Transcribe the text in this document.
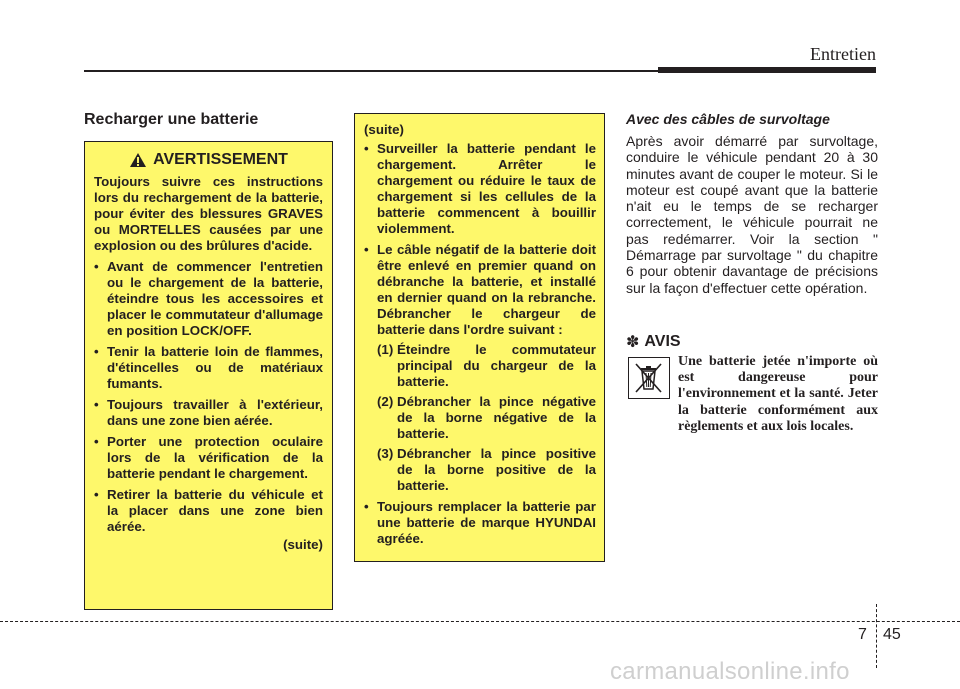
Entretien
Recharger une batterie
AVERTISSEMENT

Toujours suivre ces instructions lors du rechargement de la batterie, pour éviter des blessures GRAVES ou MORTELLES causées par une explosion ou des brûlures d'acide.

• Avant de commencer l'entretien ou le chargement de la batterie, éteindre tous les accessoires et placer le commutateur d'allumage en position LOCK/OFF.
• Tenir la batterie loin de flammes, d'étincelles ou de matériaux fumants.
• Toujours travailler à l'extérieur, dans une zone bien aérée.
• Porter une protection oculaire lors de la vérification de la batterie pendant le chargement.
• Retirer la batterie du véhicule et la placer dans une zone bien aérée.
(suite)
(suite)
• Surveiller la batterie pendant le chargement. Arrêter le chargement ou réduire le taux de chargement si les cellules de la batterie commencent à bouillir violemment.
• Le câble négatif de la batterie doit être enlevé en premier quand on débranche la batterie, et installé en dernier quand on la rebranche. Débrancher le chargeur de batterie dans l'ordre suivant :
(1) Éteindre le commutateur principal du chargeur de la batterie.
(2) Débrancher la pince négative de la borne négative de la batterie.
(3) Débrancher la pince positive de la borne positive de la batterie.
• Toujours remplacer la batterie par une batterie de marque HYUNDAI agréée.
Avec des câbles de survoltage

Après avoir démarré par survoltage, conduire le véhicule pendant 20 à 30 minutes avant de couper le moteur. Si le moteur est coupé avant que la batterie n'ait eu le temps de se recharger correctement, le véhicule pourrait ne pas redémarrer. Voir la section " Démarrage par survoltage " du chapitre 6 pour obtenir davantage de précisions sur la façon d'effectuer cette opération.

✽ AVIS

Une batterie jetée n'importe où est dangereuse pour l'environnement et la santé. Jeter la batterie conformément aux règlements et aux lois locales.

7 45
carmanualsonline.info
